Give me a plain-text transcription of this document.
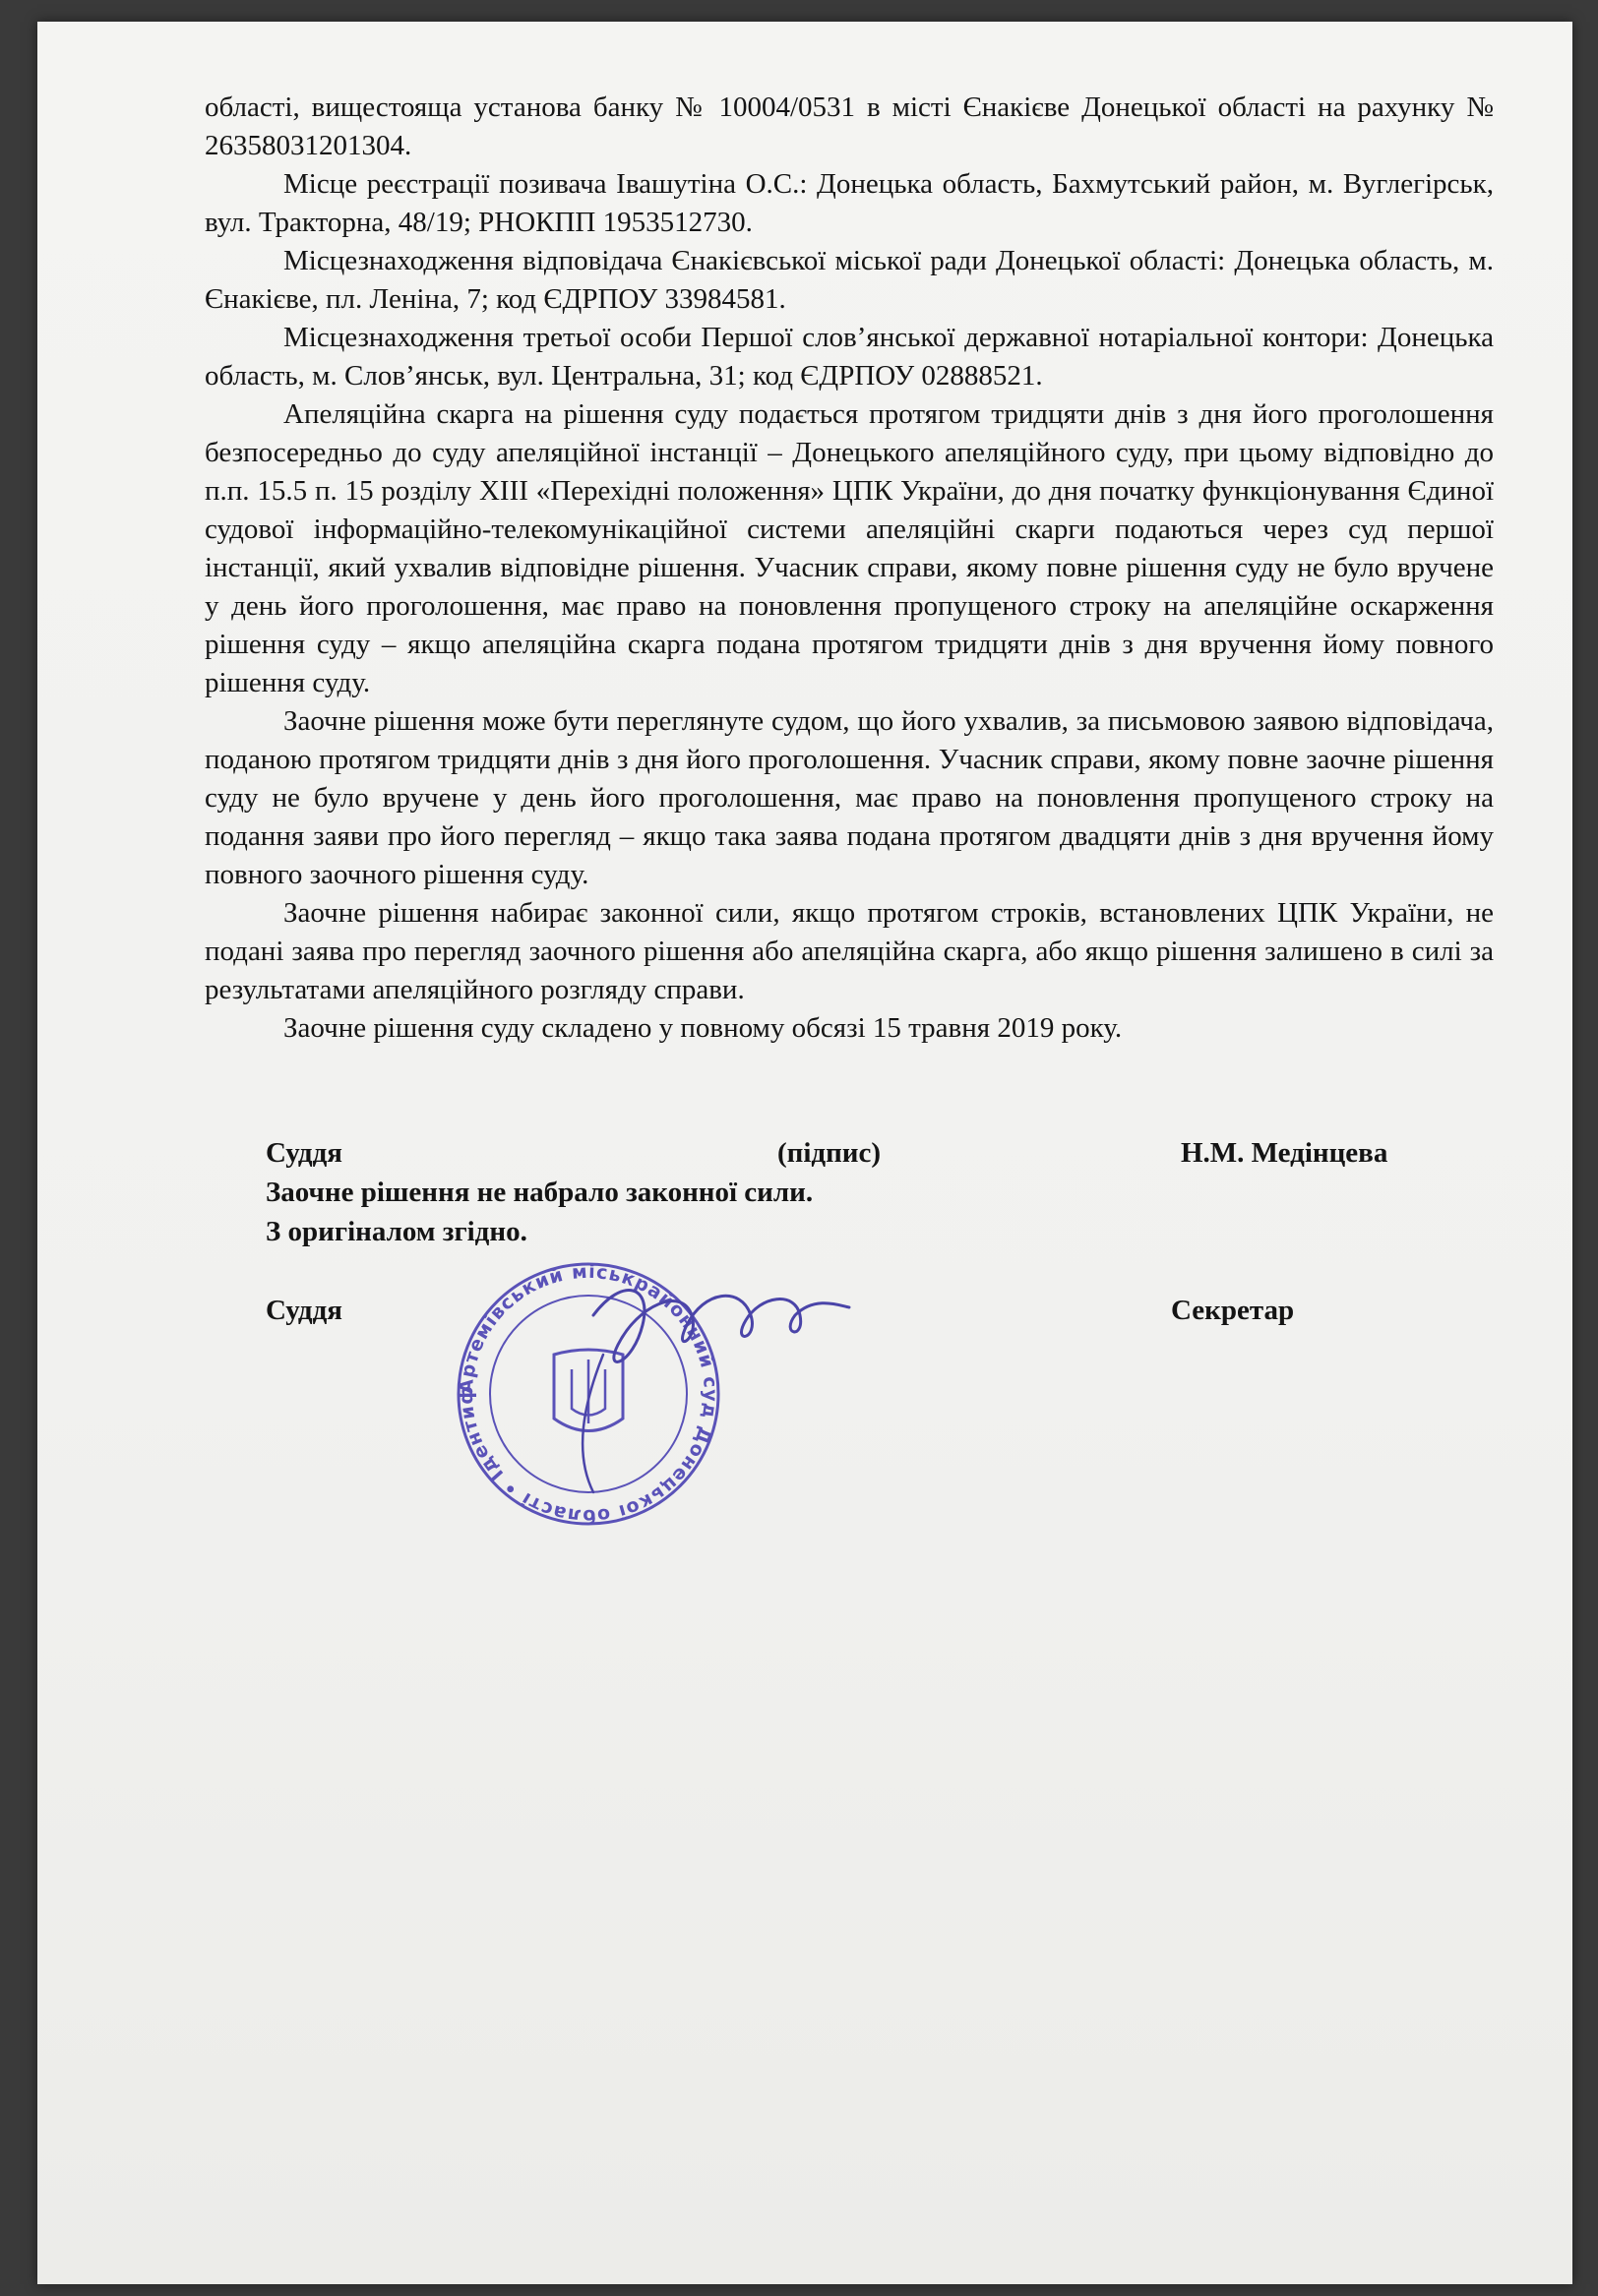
області, вищестояща установа банку № 10004/0531 в місті Єнакієве Донецької області на рахунку № 26358031201304.

Місце реєстрації позивача Івашутіна О.С.: Донецька область, Бахмутський район, м. Вуглегірськ, вул. Тракторна, 48/19; РНОКПП 1953512730.

Місцезнаходження відповідача Єнакієвської міської ради Донецької області: Донецька область, м. Єнакієве, пл. Леніна, 7; код ЄДРПОУ 33984581.

Місцезнаходження третьої особи Першої слов’янської державної нотаріальної контори: Донецька область, м. Слов’янськ, вул. Центральна, 31; код ЄДРПОУ 02888521.

Апеляційна скарга на рішення суду подається протягом тридцяти днів з дня його проголошення безпосередньо до суду апеляційної інстанції – Донецького апеляційного суду, при цьому відповідно до п.п. 15.5 п. 15 розділу XIII «Перехідні положення» ЦПК України, до дня початку функціонування Єдиної судової інформаційно-телекомунікаційної системи апеляційні скарги подаються через суд першої інстанції, який ухвалив відповідне рішення. Учасник справи, якому повне рішення суду не було вручене у день його проголошення, має право на поновлення пропущеного строку на апеляційне оскарження рішення суду – якщо апеляційна скарга подана протягом тридцяти днів з дня вручення йому повного рішення суду.

Заочне рішення може бути переглянуте судом, що його ухвалив, за письмовою заявою відповідача, поданою протягом тридцяти днів з дня його проголошення. Учасник справи, якому повне заочне рішення суду не було вручене у день його проголошення, має право на поновлення пропущеного строку на подання заяви про його перегляд – якщо така заява подана протягом двадцяти днів з дня вручення йому повного заочного рішення суду.

Заочне рішення набирає законної сили, якщо протягом строків, встановлених ЦПК України, не подані заява про перегляд заочного рішення або апеляційна скарга, або якщо рішення залишено в силі за результатами апеляційного розгляду справи.

Заочне рішення суду складено у повному обсязі 15 травня 2019 року.

Суддя	(підпис)	Н.М. Медінцева
Заочне рішення не набрало законної сили.
З оригіналом згідно.
Суддя	Секретар
Артемівський міськрайонний суд Донецької області • Ідентиф
